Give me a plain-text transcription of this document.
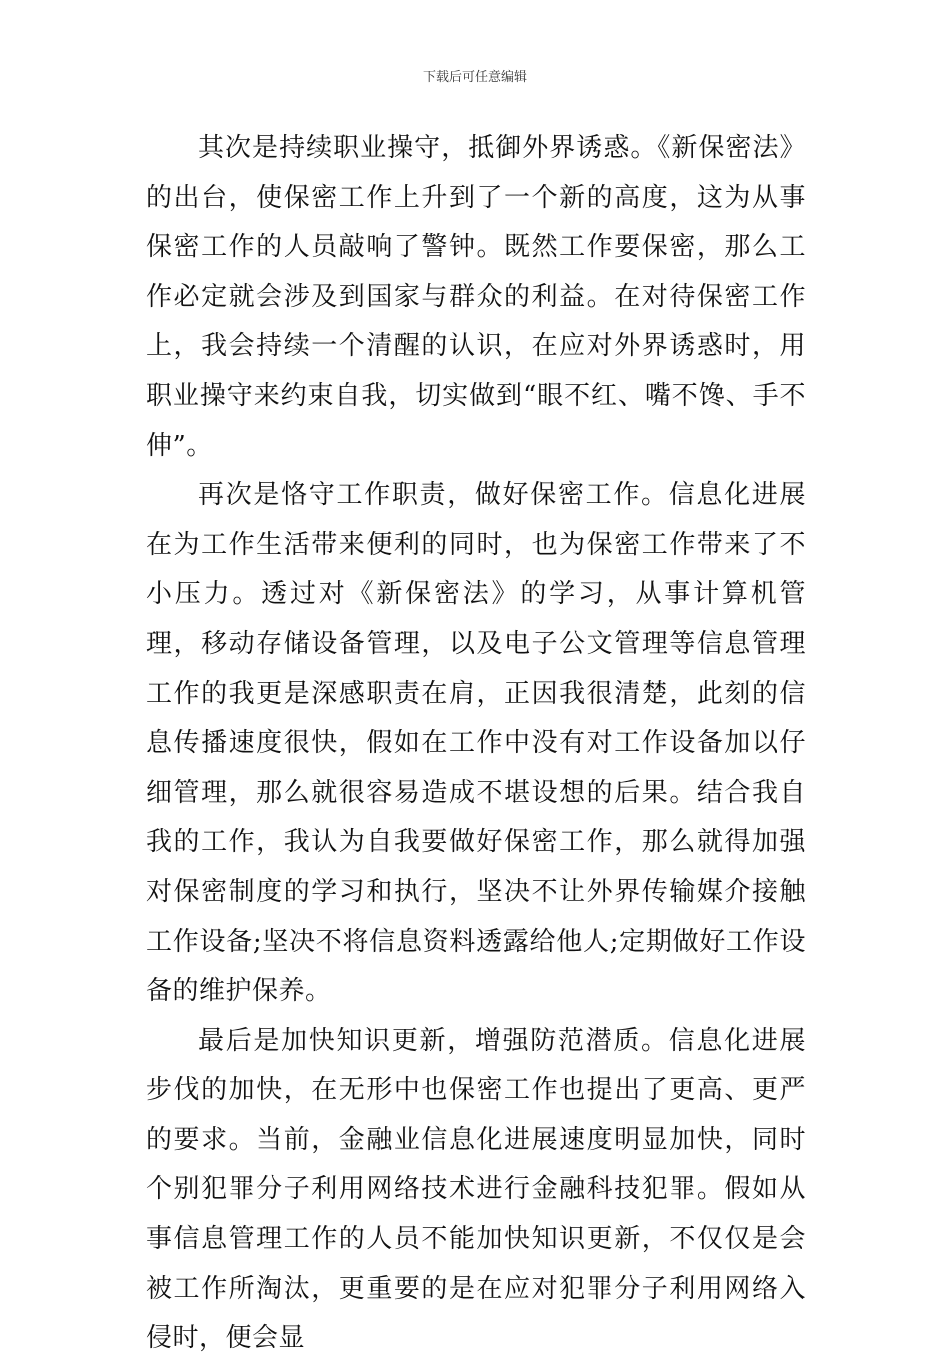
下载后可任意编辑

其次是持续职业操守，抵御外界诱惑。《新保密法》的出台，使保密工作上升到了一个新的高度，这为从事保密工作的人员敲响了警钟。既然工作要保密，那么工作必定就会涉及到国家与群众的利益。在对待保密工作上，我会持续一个清醒的认识，在应对外界诱惑时，用职业操守来约束自我，切实做到“眼不红、嘴不馋、手不伸”。

再次是恪守工作职责，做好保密工作。信息化进展在为工作生活带来便利的同时，也为保密工作带来了不小压力。透过对《新保密法》的学习，从事计算机管理，移动存储设备管理，以及电子公文管理等信息管理工作的我更是深感职责在肩，正因我很清楚，此刻的信息传播速度很快，假如在工作中没有对工作设备加以仔细管理，那么就很容易造成不堪设想的后果。结合我自我的工作，我认为自我要做好保密工作，那么就得加强对保密制度的学习和执行，坚决不让外界传输媒介接触工作设备;坚决不将信息资料透露给他人;定期做好工作设备的维护保养。

最后是加快知识更新，增强防范潜质。信息化进展步伐的加快，在无形中也保密工作也提出了更高、更严的要求。当前，金融业信息化进展速度明显加快，同时个别犯罪分子利用网络技术进行金融科技犯罪。假如从事信息管理工作的人员不能加快知识更新，不仅仅是会被工作所淘汰，更重要的是在应对犯罪分子利用网络入侵时，便会显
